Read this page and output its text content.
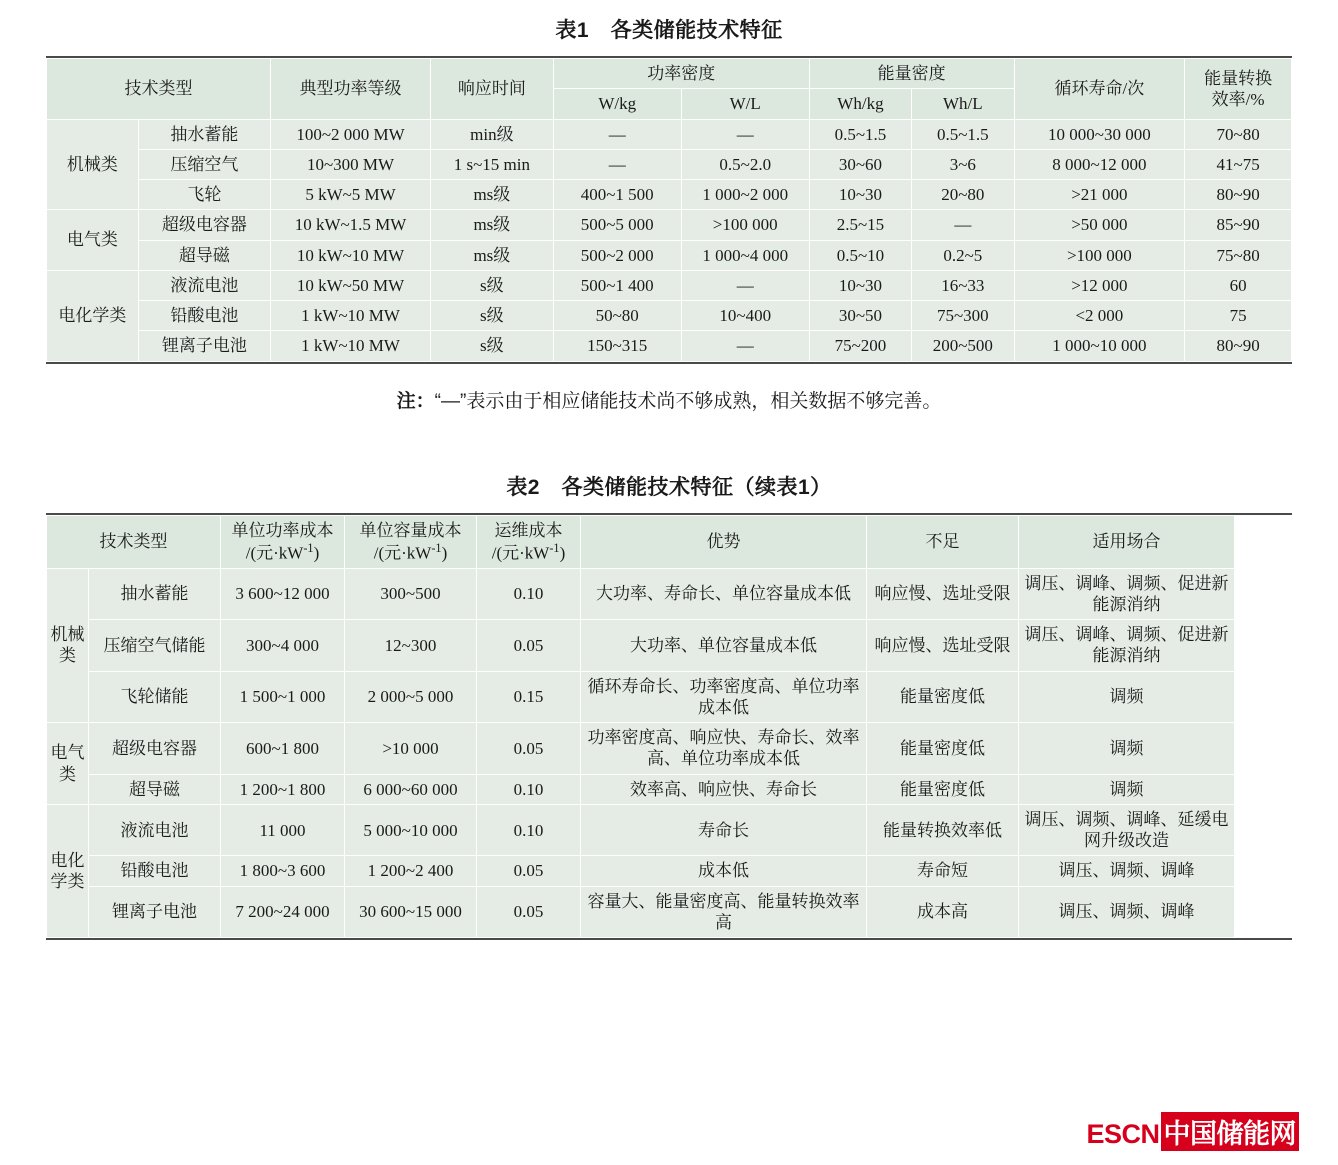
表1　各类储能技术特征
技术类型		典型功率等级	响应时间	功率密度		能量密度		循环寿命/次	能量转换
效率/%
				W/kg	W/L	Wh/kg	Wh/L		
机械类	抽水蓄能	100~2 000 MW	min级	—	—	0.5~1.5	0.5~1.5	10 000~30 000	70~80
	压缩空气	10~300 MW	1 s~15 min	—	0.5~2.0	30~60	3~6	8 000~12 000	41~75
	飞轮	5 kW~5 MW	ms级	400~1 500	1 000~2 000	10~30	20~80	>21 000	80~90
电气类	超级电容器	10 kW~1.5 MW	ms级	500~5 000	>100 000	2.5~15	—	>50 000	85~90
	超导磁	10 kW~10 MW	ms级	500~2 000	1 000~4 000	0.5~10	0.2~5	>100 000	75~80
电化学类	液流电池	10 kW~50 MW	s级	500~1 400	—	10~30	16~33	>12 000	60
	铅酸电池	1 kW~10 MW	s级	50~80	10~400	30~50	75~300	<2 000	75
	锂离子电池	1 kW~10 MW	s级	150~315	—	75~200	200~500	1 000~10 000	80~90
注：“—”表示由于相应储能技术尚不够成熟，相关数据不够完善。
表2　各类储能技术特征（续表1）
技术类型		单位功率成本
/(元$\cdot kW^{-1}$)	单位容量成本
/(元$\cdot kW^{-1}$)	运维成本
/(元$\cdot kW^{-1}$)	优势	不足	适用场合
机械类	抽水蓄能	3 600~12 000	300~500	0.10	大功率、寿命长、单位容量成本低	响应慢、选址受限	调压、调峰、调频、促进新能源消纳
	压缩空气储能	300~4 000	12~300	0.05	大功率、单位容量成本低	响应慢、选址受限	调压、调峰、调频、促进新能源消纳
	飞轮储能	1 500~1 000	2 000~5 000	0.15	循环寿命长、功率密度高、单位功率成本低	能量密度低	调频
电气类	超级电容器	600~1 800	>10 000	0.05	功率密度高、响应快、寿命长、效率高、单位功率成本低	能量密度低	调频
	超导磁	1 200~1 800	6 000~60 000	0.10	效率高、响应快、寿命长	能量密度低	调频
电化学类	液流电池	11 000	5 000~10 000	0.10	寿命长	能量转换效率低	调压、调频、调峰、延缓电网升级改造
	铅酸电池	1 800~3 600	1 200~2 400	0.05	成本低	寿命短	调压、调频、调峰
	锂离子电池	7 200~24 000	30 600~15 000	0.05	容量大、能量密度高、能量转换效率高	成本高	调压、调频、调峰
ESCN 中国储能网
